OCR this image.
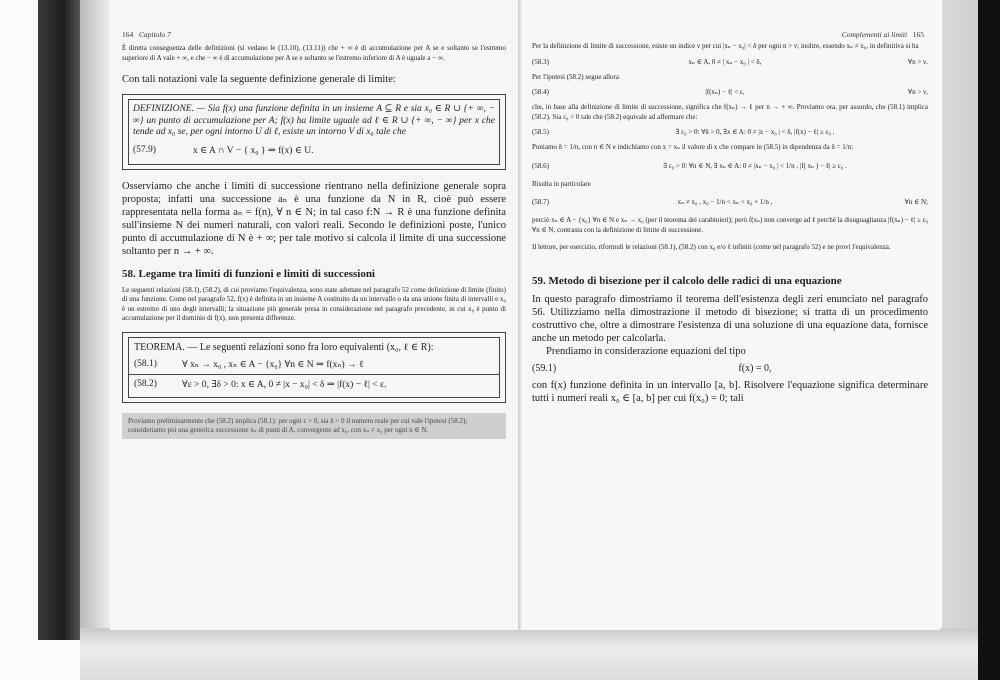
164 Capitolo 7

È diretta conseguenza delle definizioni (si vedano le (13.10), (13.11)) che + ∞ è di accumulazione per A se e soltanto se l'estremo superiore di A vale + ∞, e che − ∞ è di accumulazione per A se e soltanto se l'estremo inferiore di A è uguale a − ∞.

Con tali notazioni vale la seguente definizione generale di limite:

DEFINIZIONE. — Sia f(x) una funzione definita in un insieme A ⊆ R e sia x₀ ∈ R ∪ {+ ∞, − ∞} un punto di accumulazione per A; f(x) ha limite uguale ad ℓ ∈ R ∪ {+ ∞, − ∞} per x che tende ad x₀ se, per ogni intorno U di ℓ, esiste un intorno V di x₀ tale che

(57.9)	x ∈ A ∩ V − { x₀ } ⇒ f(x) ∈ U.

Osserviamo che anche i limiti di successione rientrano nella definizione generale sopra proposta; infatti una successione aₙ è una funzione da N in R, cioè può essere rappresentata nella forma aₙ = f(n), ∀ n ∈ N; in tal caso f:N → R è una funzione definita sull'insieme N dei numeri naturali, con valori reali. Secondo le definizioni poste, l'unico punto di accumulazione di N è + ∞; per tale motivo si calcola il limite di una successione soltanto per n → + ∞.

58. Legame tra limiti di funzioni e limiti di successioni

Le seguenti relazioni (58.1), (58.2), di cui proviamo l'equivalenza, sono state adottate nel paragrafo 52 come definizione di limite (finito) di una funzione. Come nel paragrafo 52, f(x) è definita in un insieme A costituito da un intervallo o da una unione finita di intervalli e x₀ è un estremo di uno degli intervalli; la situazione più generale presa in considerazione nel paragrafo precedente, in cui x₀ è punto di accumulazione per il dominio di f(x), non presenta differenze.

TEOREMA. — Le seguenti relazioni sono fra loro equivalenti (x₀, ℓ ∈ R):

(58.1)	∀ xₙ → x₀ , xₙ ∈ A − {x₀} ∀n ∈ N ⇒ f(xₙ) → ℓ
(58.2)	∀ε > 0, ∃δ > 0: x ∈ A, 0 ≠ |x − x₀| < δ ⇒ |f(x) − ℓ| < ε.

Proviamo preliminarmente che (58.2) implica (58.1): per ogni ε > 0, sia δ > 0 il numero reale per cui vale l'ipotesi (58.2); consideriamo poi una generica successione xₙ di punti di A, convergente ad x₀, con xₙ ≠ x₀ per ogni n ∈ N.

Complementi ai limiti 165

Per la definizione di limite di successione, esiste un indice ν per cui |xₙ − x₀| < δ per ogni n > ν; inoltre, essendo xₙ ≠ x₀, in definitiva si ha

(58.3)	xₙ ∈ A, 0 ≠ | xₙ − x₀ | < δ,	∀n > ν.

Per l'ipotesi (58.2) segue allora

(58.4)	|f(xₙ) − ℓ| < ε,	∀n > ν,

che, in base alla definizione di limite di successione, significa che f(xₙ) → ℓ per n → + ∞. Proviamo ora, per assurdo, che (58.1) implica (58.2). Sia ε₀ > 0 tale che (58.2) equivale ad affermare che:

(58.5)	∃ ε₀ > 0: ∀δ > 0, ∃x ∈ A: 0 ≠ |x − x₀ | < δ, |f(x) − ℓ| ≥ ε₀ .

Poniamo δ = 1/n, con n ∈ N e indichiamo con x = xₙ il valore di x che compare in (58.5) in dipendenza da δ = 1/n:

(58.6)	∃ ε₀ > 0: ∀n ∈ N, ∃ xₙ ∈ A: 0 ≠ |xₙ − x₀ | < 1/n , |f( xₙ ) − ℓ| ≥ ε₀ .

Risulta in particolare

(58.7)	xₙ ≠ x₀ , x₀ − 1/n < xₙ < x₀ + 1/n ,	∀n ∈ N;

perciò xₙ ∈ A − {x₀} ∀n ∈ N e xₙ → x₀ (per il teorema dei carabinieri); però f(xₙ) non converge ad ℓ perché la disuguaglianza |f(xₙ) − ℓ| ≥ ε₀ ∀n ∈ N, contrasta con la definizione di limite di successione.

Il lettore, per esercizio, riformuli le relazioni (58.1), (58.2) con x₀ e/o ℓ infiniti (come nel paragrafo 52) e ne provi l'equivalenza.

59. Metodo di bisezione per il calcolo delle radici di una equazione

In questo paragrafo dimostriamo il teorema dell'esistenza degli zeri enunciato nel paragrafo 56. Utilizziamo nella dimostrazione il metodo di bisezione; si tratta di un procedimento costruttivo che, oltre a dimostrare l'esistenza di una soluzione di una equazione data, fornisce anche un metodo per calcolarla.

Prendiamo in considerazione equazioni del tipo

(59.1)	f(x) = 0,

con f(x) funzione definita in un intervallo [a, b]. Risolvere l'equazione significa determinare tutti i numeri reali x₀ ∈ [a, b] per cui f(x₀) = 0; tali
